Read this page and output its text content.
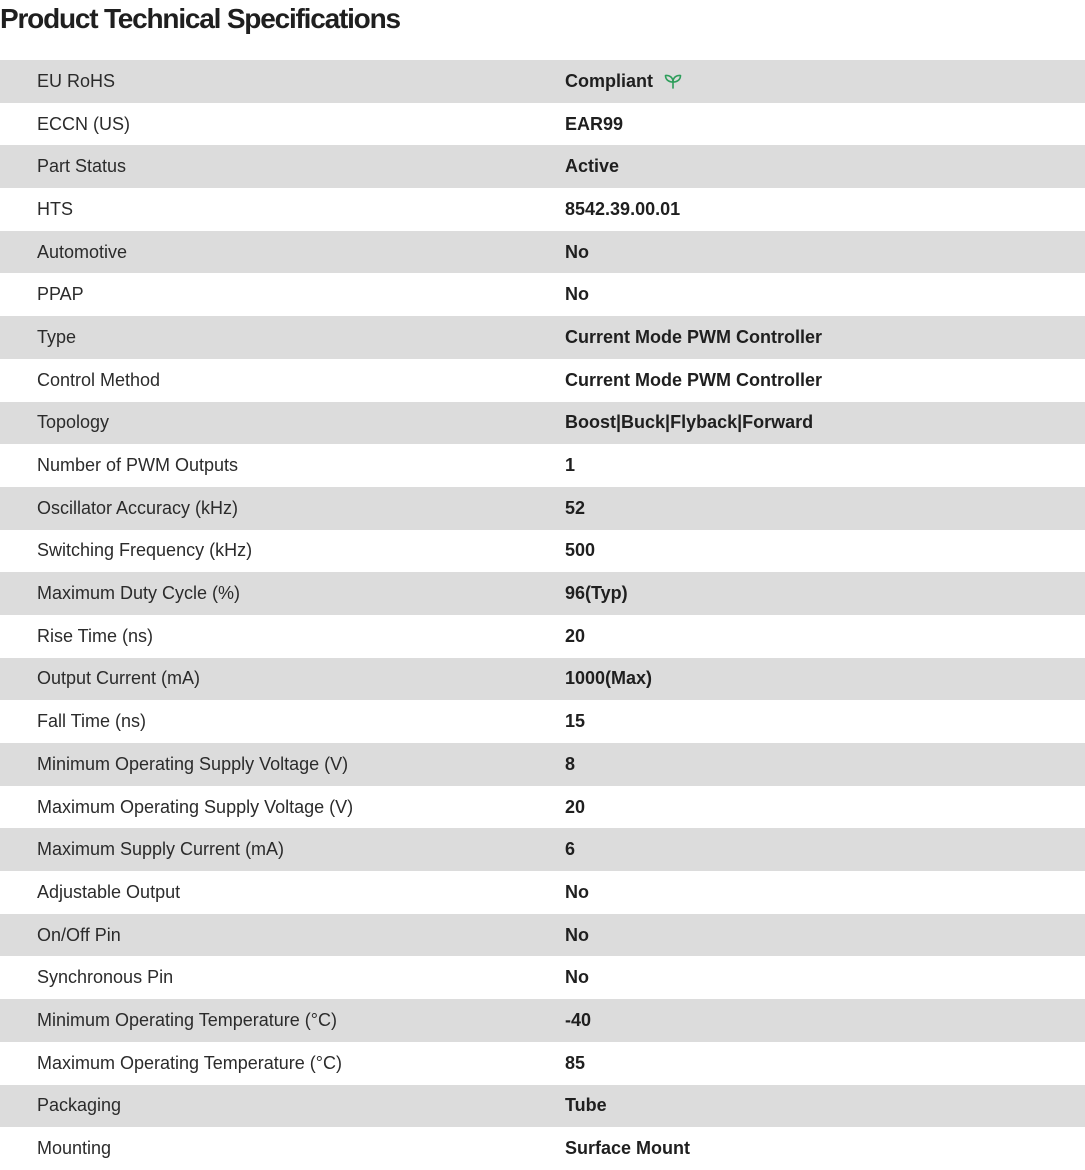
Product Technical Specifications
EU RoHS	Compliant
ECCN (US)	EAR99
Part Status	Active
HTS	8542.39.00.01
Automotive	No
PPAP	No
Type	Current Mode PWM Controller
Control Method	Current Mode PWM Controller
Topology	Boost|Buck|Flyback|Forward
Number of PWM Outputs	1
Oscillator Accuracy (kHz)	52
Switching Frequency (kHz)	500
Maximum Duty Cycle (%)	96(Typ)
Rise Time (ns)	20
Output Current (mA)	1000(Max)
Fall Time (ns)	15
Minimum Operating Supply Voltage (V)	8
Maximum Operating Supply Voltage (V)	20
Maximum Supply Current (mA)	6
Adjustable Output	No
On/Off Pin	No
Synchronous Pin	No
Minimum Operating Temperature (°C)	-40
Maximum Operating Temperature (°C)	85
Packaging	Tube
Mounting	Surface Mount
